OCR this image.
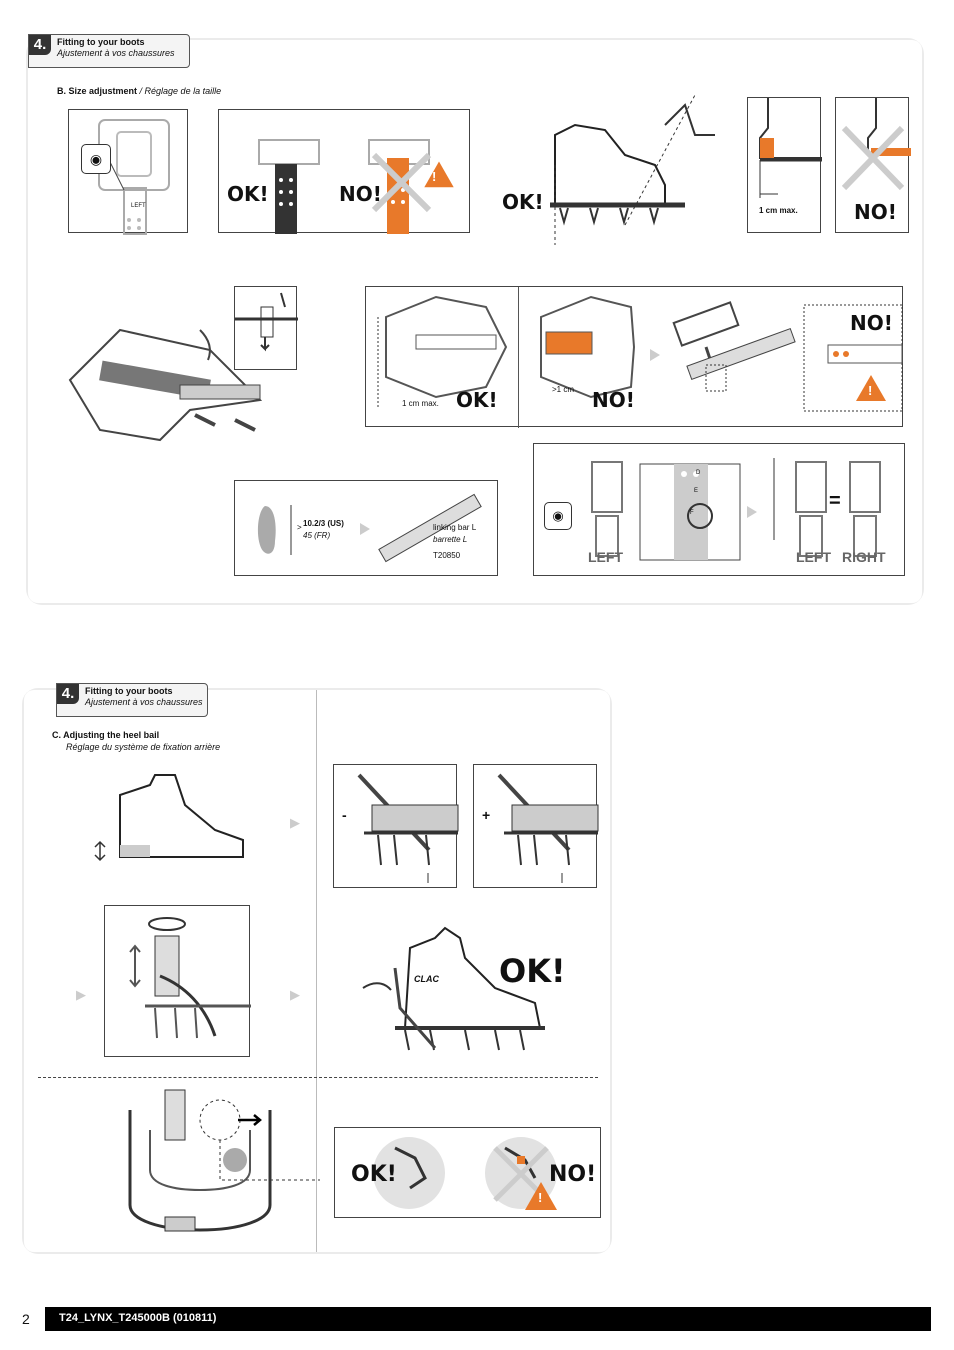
4.	Fitting to your boots
Ajustement à vos chaussures
B. Size adjustment / Réglage de la taille
◉
LEFT	OK!	NO!
!
OK!	1 cm max.	NO!
1 cm max. OK!	>1 cm NO!
NO!
!
> 10.2/3 (US)
45 (FR)
linking bar L
barrette L
T20850
◉
D
E
F
=
LEFT	LEFT RIGHT
4.	Fitting to your boots
Ajustement à vos chaussures
C. Adjusting the heel bail
Réglage du système de fixation arrière
▶	-	+
▶	▶
CLAC OK!
OK!	NO!
!
2	T24_LYNX_T245000B (010811)
